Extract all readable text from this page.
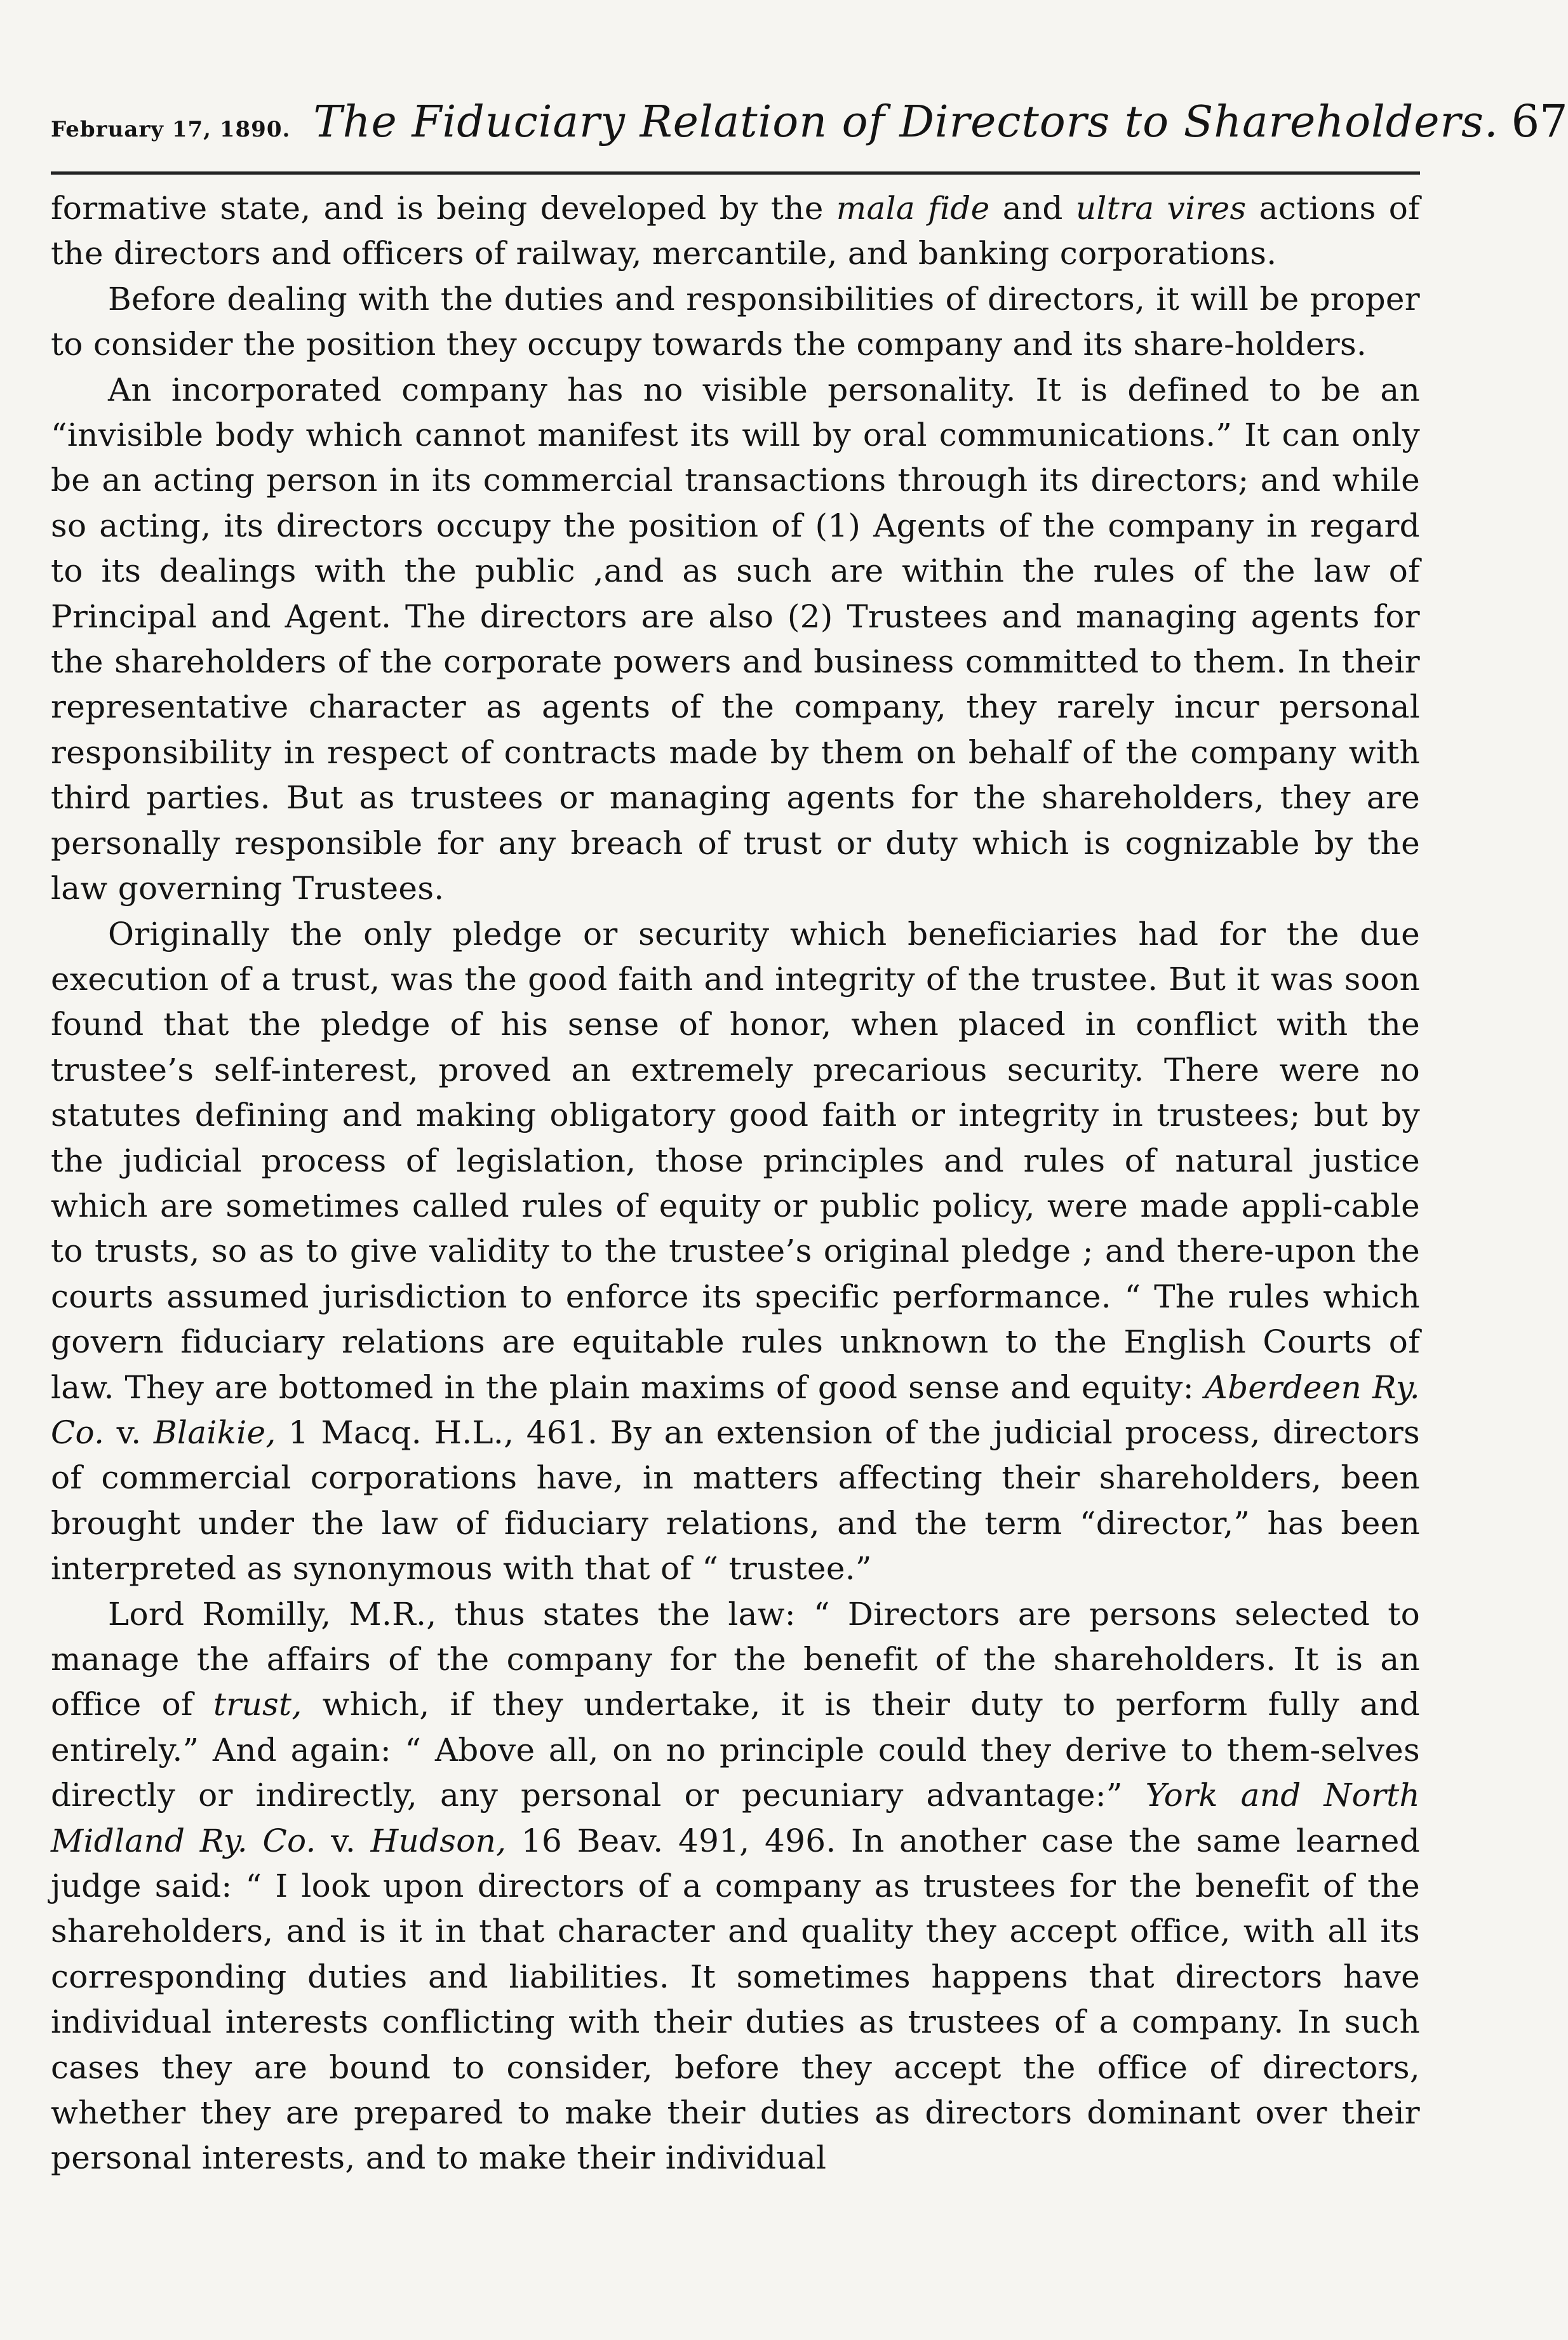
February 17, 1890. The Fiduciary Relation of Directors to Shareholders. 67

formative state, and is being developed by the mala fide and ultra vires actions of the directors and officers of railway, mercantile, and banking corporations.

Before dealing with the duties and responsibilities of directors, it will be proper to consider the position they occupy towards the company and its share-holders.

An incorporated company has no visible personality. It is defined to be an “invisible body which cannot manifest its will by oral communications.” It can only be an acting person in its commercial transactions through its directors; and while so acting, its directors occupy the position of (1) Agents of the company in regard to its dealings with the public ,and as such are within the rules of the law of Principal and Agent. The directors are also (2) Trustees and managing agents for the shareholders of the corporate powers and business committed to them. In their representative character as agents of the company, they rarely incur personal responsibility in respect of contracts made by them on behalf of the company with third parties. But as trustees or managing agents for the shareholders, they are personally responsible for any breach of trust or duty which is cognizable by the law governing Trustees.

Originally the only pledge or security which beneficiaries had for the due execution of a trust, was the good faith and integrity of the trustee. But it was soon found that the pledge of his sense of honor, when placed in conflict with the trustee’s self-interest, proved an extremely precarious security. There were no statutes defining and making obligatory good faith or integrity in trustees; but by the judicial process of legislation, those principles and rules of natural justice which are sometimes called rules of equity or public policy, were made appli-cable to trusts, so as to give validity to the trustee’s original pledge ; and there-upon the courts assumed jurisdiction to enforce its specific performance. “ The rules which govern fiduciary relations are equitable rules unknown to the English Courts of law. They are bottomed in the plain maxims of good sense and equity: Aberdeen Ry. Co. v. Blaikie, 1 Macq. H.L., 461. By an extension of the judicial process, directors of commercial corporations have, in matters affecting their shareholders, been brought under the law of fiduciary relations, and the term “director,” has been interpreted as synonymous with that of “ trustee.”

Lord Romilly, M.R., thus states the law: “ Directors are persons selected to manage the affairs of the company for the benefit of the shareholders. It is an office of trust, which, if they undertake, it is their duty to perform fully and entirely.” And again: “ Above all, on no principle could they derive to them-selves directly or indirectly, any personal or pecuniary advantage:” York and North Midland Ry. Co. v. Hudson, 16 Beav. 491, 496. In another case the same learned judge said: “ I look upon directors of a company as trustees for the benefit of the shareholders, and is it in that character and quality they accept office, with all its corresponding duties and liabilities. It sometimes happens that directors have individual interests conflicting with their duties as trustees of a company. In such cases they are bound to consider, before they accept the office of directors, whether they are prepared to make their duties as directors dominant over their personal interests, and to make their individual
